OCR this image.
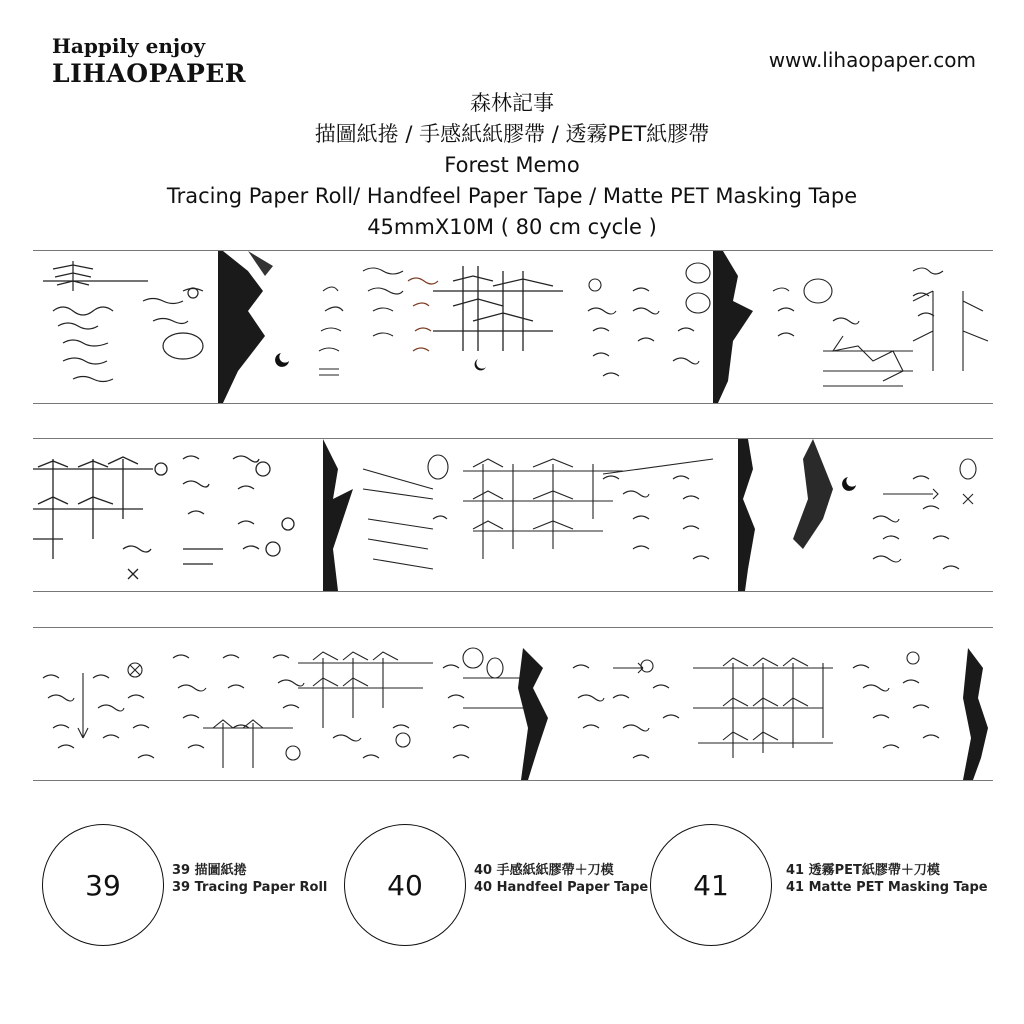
Happily enjoy
LIHAOPAPER	www.lihaopaper.com
森林記事
描圖紙捲 / 手感紙紙膠帶 / 透霧PET紙膠帶
Forest Memo
Tracing Paper Roll/ Handfeel Paper Tape / Matte PET Masking Tape
45mmX10M ( 80 cm cycle )
39	39 描圖紙捲
39 Tracing Paper Roll 40	40 手感紙紙膠帶＋刀模
40 Handfeel Paper Tape 41	41 透霧PET紙膠帶＋刀模
41 Matte PET Masking Tape
